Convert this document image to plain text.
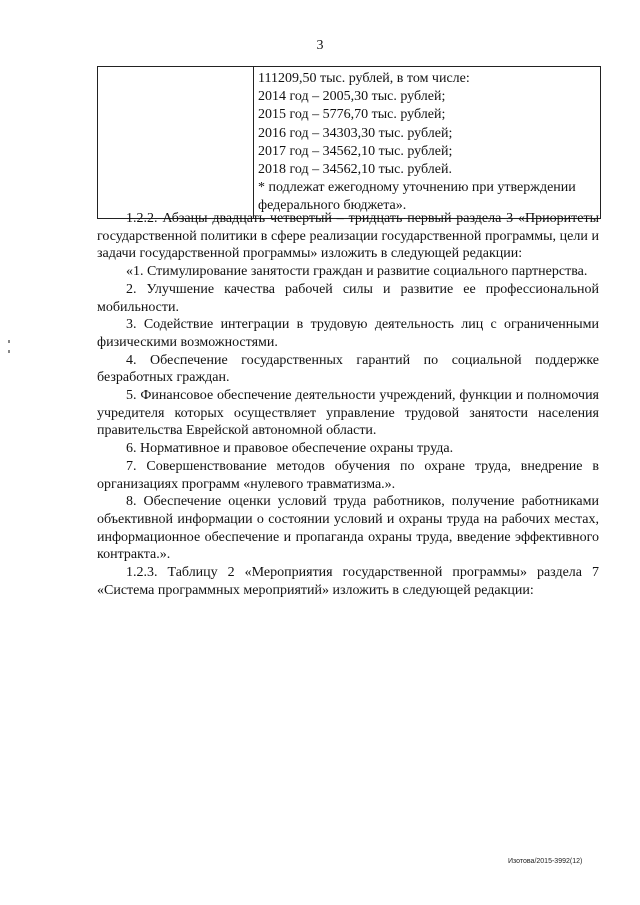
3

111209,50 тыс. рублей, в том числе:
2014 год – 2005,30 тыс. рублей;
2015 год – 5776,70 тыс. рублей;
2016 год – 34303,30 тыс. рублей;
2017 год – 34562,10 тыс. рублей;
2018 год – 34562,10 тыс. рублей.
* подлежат ежегодному уточнению при утверждении
федерального бюджета».

1.2.2. Абзацы двадцать четвертый – тридцать первый раздела 3 «Приоритеты государственной политики в сфере реализации государственной программы, цели и задачи государственной программы» изложить в следующей редакции:

«1. Стимулирование занятости граждан и развитие социального партнерства.

2. Улучшение качества рабочей силы и развитие ее профессиональной мобильности.

3. Содействие интеграции в трудовую деятельность лиц с ограниченными физическими возможностями.

4. Обеспечение государственных гарантий по социальной поддержке безработных граждан.

5. Финансовое обеспечение деятельности учреждений, функции и полномочия учредителя которых осуществляет управление трудовой занятости населения правительства Еврейской автономной области.

6. Нормативное и правовое обеспечение охраны труда.

7. Совершенствование методов обучения по охране труда, внедрение в организациях программ «нулевого травматизма.».

8. Обеспечение оценки условий труда работников, получение работниками объективной информации о состоянии условий и охраны труда на рабочих местах, информационное обеспечение и пропаганда охраны труда, введение эффективного контракта.».

1.2.3. Таблицу 2 «Мероприятия государственной программы» раздела 7 «Система программных мероприятий» изложить в следующей редакции:

Изотова/2015-3992(12)
